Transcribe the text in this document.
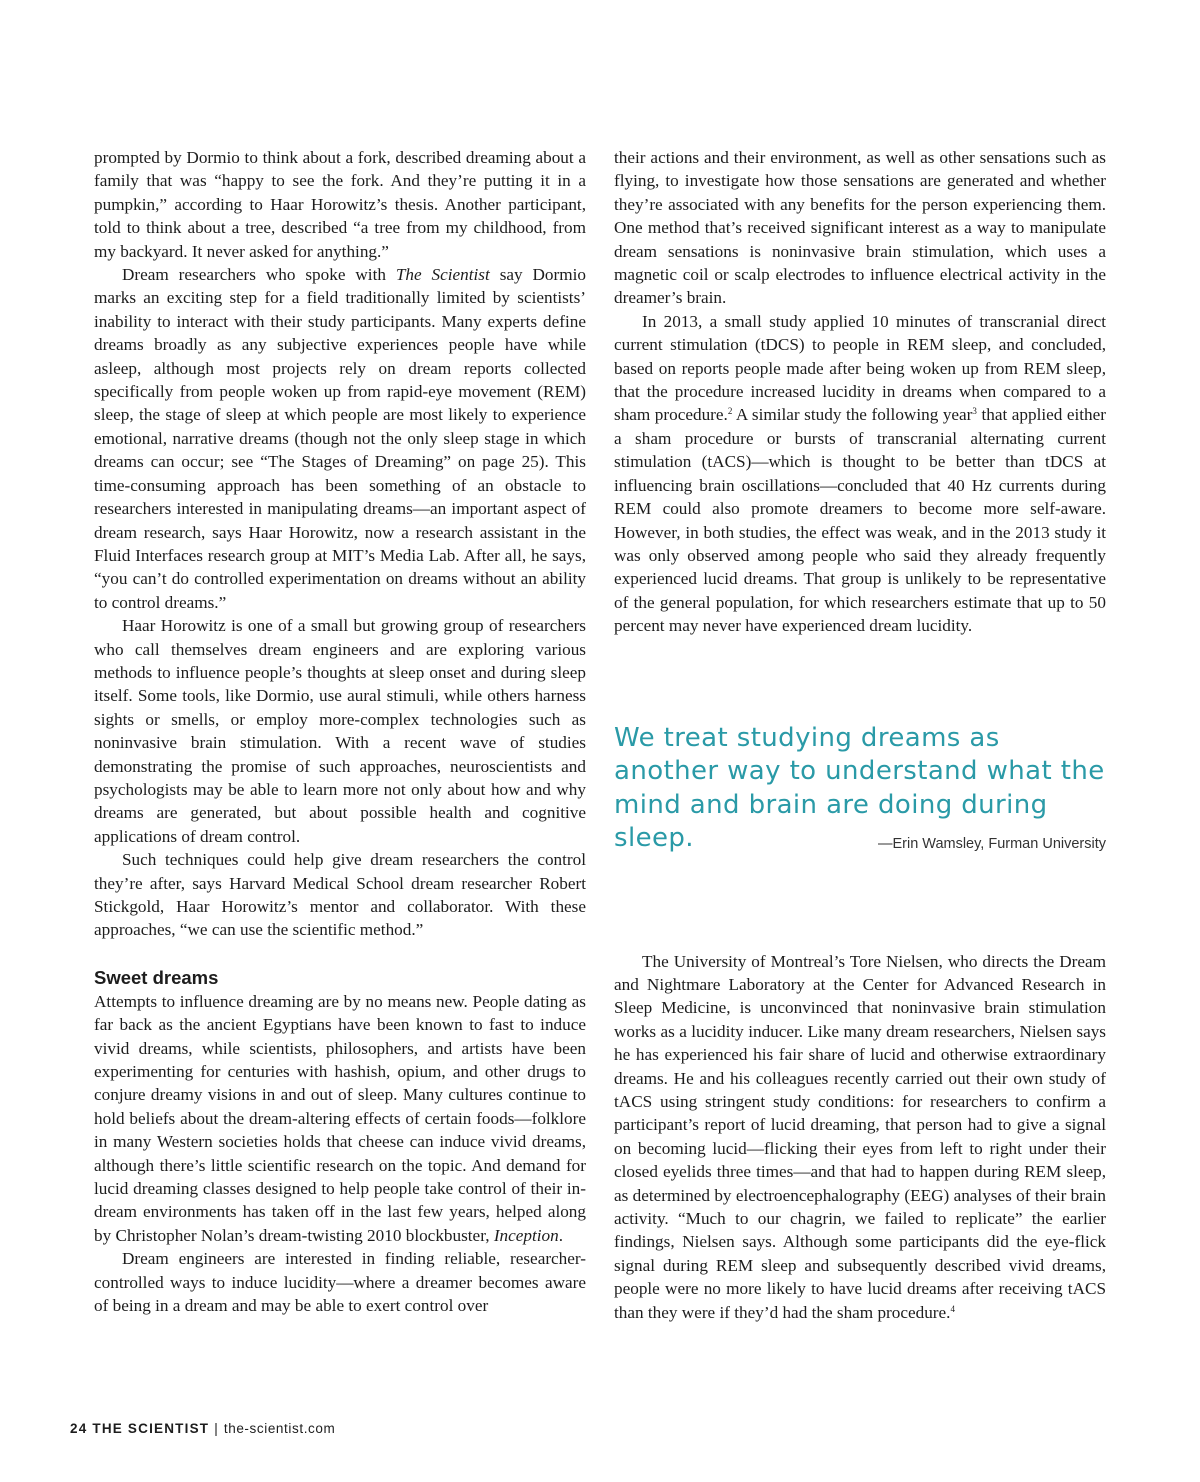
prompted by Dormio to think about a fork, described dreaming about a family that was “happy to see the fork. And they’re putting it in a pumpkin,” according to Haar Horowitz’s thesis. Another participant, told to think about a tree, described “a tree from my childhood, from my backyard. It never asked for anything.”

Dream researchers who spoke with The Scientist say Dormio marks an exciting step for a field traditionally limited by scientists’ inability to interact with their study participants. Many experts define dreams broadly as any subjective experiences people have while asleep, although most projects rely on dream reports collected specifically from people woken up from rapid-eye movement (REM) sleep, the stage of sleep at which people are most likely to experience emotional, narrative dreams (though not the only sleep stage in which dreams can occur; see “The Stages of Dreaming” on page 25). This time-consuming approach has been something of an obstacle to researchers interested in manipulating dreams—an important aspect of dream research, says Haar Horowitz, now a research assistant in the Fluid Interfaces research group at MIT’s Media Lab. After all, he says, “you can’t do controlled experimentation on dreams without an ability to control dreams.”

Haar Horowitz is one of a small but growing group of researchers who call themselves dream engineers and are exploring various methods to influence people’s thoughts at sleep onset and during sleep itself. Some tools, like Dormio, use aural stimuli, while others harness sights or smells, or employ more-complex technologies such as noninvasive brain stimulation. With a recent wave of studies demonstrating the promise of such approaches, neuroscientists and psychologists may be able to learn more not only about how and why dreams are generated, but about possible health and cognitive applications of dream control.

Such techniques could help give dream researchers the control they’re after, says Harvard Medical School dream researcher Robert Stickgold, Haar Horowitz’s mentor and collaborator. With these approaches, “we can use the scientific method.”

Sweet dreams

Attempts to influence dreaming are by no means new. People dating as far back as the ancient Egyptians have been known to fast to induce vivid dreams, while scientists, philosophers, and artists have been experimenting for centuries with hashish, opium, and other drugs to conjure dreamy visions in and out of sleep. Many cultures continue to hold beliefs about the dream-altering effects of certain foods—folklore in many Western societies holds that cheese can induce vivid dreams, although there’s little scientific research on the topic. And demand for lucid dreaming classes designed to help people take control of their in-dream environments has taken off in the last few years, helped along by Christopher Nolan’s dream-twisting 2010 blockbuster, Inception.

Dream engineers are interested in finding reliable, researcher-controlled ways to induce lucidity—where a dreamer becomes aware of being in a dream and may be able to exert control over

their actions and their environment, as well as other sensations such as flying, to investigate how those sensations are generated and whether they’re associated with any benefits for the person experiencing them. One method that’s received significant interest as a way to manipulate dream sensations is noninvasive brain stimulation, which uses a magnetic coil or scalp electrodes to influence electrical activity in the dreamer’s brain.

In 2013, a small study applied 10 minutes of transcranial direct current stimulation (tDCS) to people in REM sleep, and concluded, based on reports people made after being woken up from REM sleep, that the procedure increased lucidity in dreams when compared to a sham procedure.$^2$ A similar study the following year$^3$ that applied either a sham procedure or bursts of transcranial alternating current stimulation (tACS)—which is thought to be better than tDCS at influencing brain oscillations—concluded that 40 Hz currents during REM could also promote dreamers to become more self-aware. However, in both studies, the effect was weak, and in the 2013 study it was only observed among people who said they already frequently experienced lucid dreams. That group is unlikely to be representative of the general population, for which researchers estimate that up to 50 percent may never have experienced dream lucidity.

We treat studying dreams as another way to understand what the mind and brain are doing during sleep.	—Erin Wamsley, Furman University

The University of Montreal’s Tore Nielsen, who directs the Dream and Nightmare Laboratory at the Center for Advanced Research in Sleep Medicine, is unconvinced that noninvasive brain stimulation works as a lucidity inducer. Like many dream researchers, Nielsen says he has experienced his fair share of lucid and otherwise extraordinary dreams. He and his colleagues recently carried out their own study of tACS using stringent study conditions: for researchers to confirm a participant’s report of lucid dreaming, that person had to give a signal on becoming lucid—flicking their eyes from left to right under their closed eyelids three times—and that had to happen during REM sleep, as determined by electroencephalography (EEG) analyses of their brain activity. “Much to our chagrin, we failed to replicate” the earlier findings, Nielsen says. Although some participants did the eye-flick signal during REM sleep and subsequently described vivid dreams, people were no more likely to have lucid dreams after receiving tACS than they were if they’d had the sham procedure.$^4$

24 THE SCIENTIST | the-scientist.com
